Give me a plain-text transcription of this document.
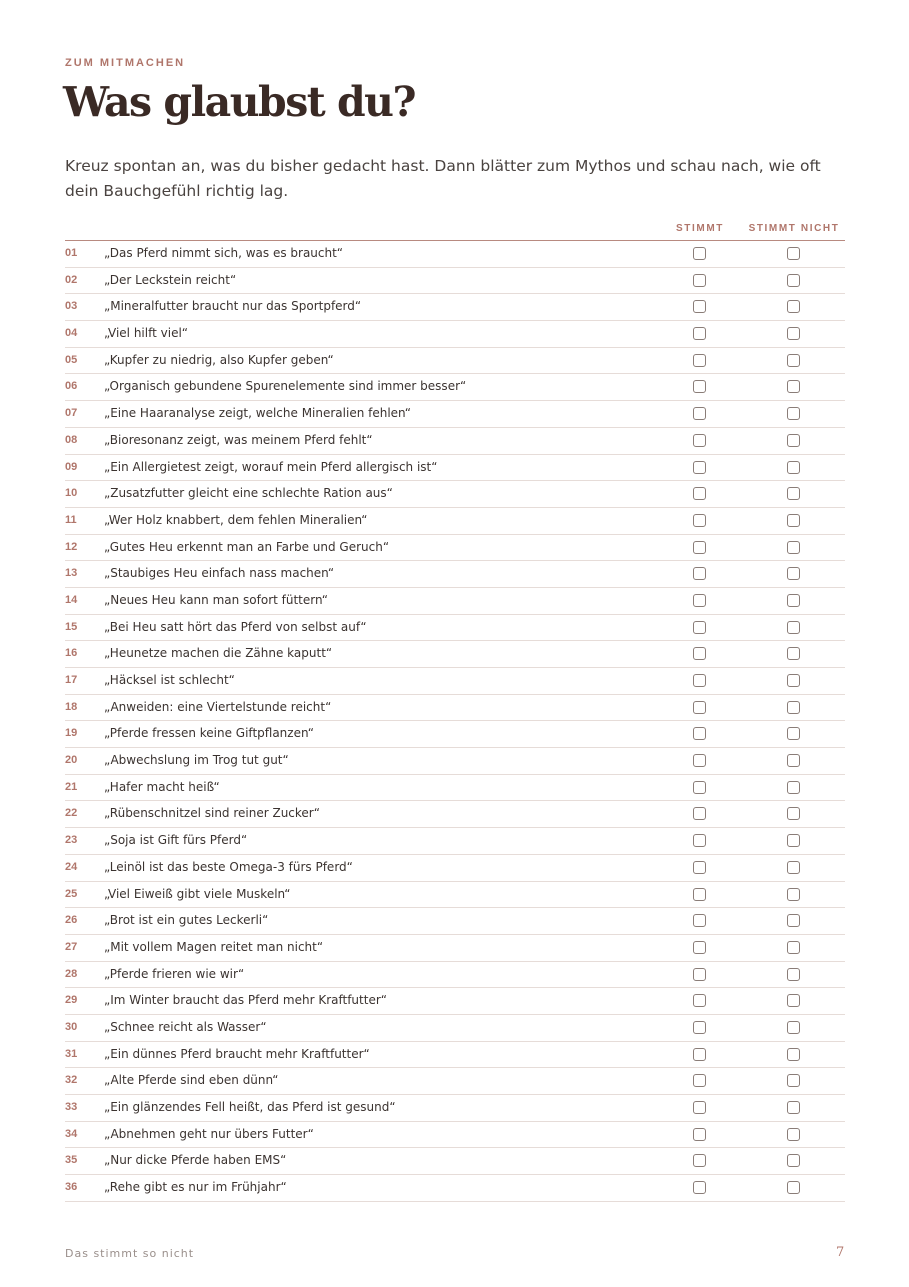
ZUM MITMACHEN
Was glaubst du?

Kreuz spontan an, was du bisher gedacht hast. Dann blätter zum Mythos und schau nach, wie oft dein Bauchgefühl richtig lag.

STIMMT	STIMMT NICHT
01 „Das Pferd nimmt sich, was es braucht“
02 „Der Leckstein reicht“
03 „Mineralfutter braucht nur das Sportpferd“
04 „Viel hilft viel“
05 „Kupfer zu niedrig, also Kupfer geben“
06 „Organisch gebundene Spurenelemente sind immer besser“
07 „Eine Haaranalyse zeigt, welche Mineralien fehlen“
08 „Bioresonanz zeigt, was meinem Pferd fehlt“
09 „Ein Allergietest zeigt, worauf mein Pferd allergisch ist“
10 „Zusatzfutter gleicht eine schlechte Ration aus“
11 „Wer Holz knabbert, dem fehlen Mineralien“
12 „Gutes Heu erkennt man an Farbe und Geruch“
13 „Staubiges Heu einfach nass machen“
14 „Neues Heu kann man sofort füttern“
15 „Bei Heu satt hört das Pferd von selbst auf“
16 „Heunetze machen die Zähne kaputt“
17 „Häcksel ist schlecht“
18 „Anweiden: eine Viertelstunde reicht“
19 „Pferde fressen keine Giftpflanzen“
20 „Abwechslung im Trog tut gut“
21 „Hafer macht heiß“
22 „Rübenschnitzel sind reiner Zucker“
23 „Soja ist Gift fürs Pferd“
24 „Leinöl ist das beste Omega-3 fürs Pferd“
25 „Viel Eiweiß gibt viele Muskeln“
26 „Brot ist ein gutes Leckerli“
27 „Mit vollem Magen reitet man nicht“
28 „Pferde frieren wie wir“
29 „Im Winter braucht das Pferd mehr Kraftfutter“
30 „Schnee reicht als Wasser“
31 „Ein dünnes Pferd braucht mehr Kraftfutter“
32 „Alte Pferde sind eben dünn“
33 „Ein glänzendes Fell heißt, das Pferd ist gesund“
34 „Abnehmen geht nur übers Futter“
35 „Nur dicke Pferde haben EMS“
36 „Rehe gibt es nur im Frühjahr“
Das stimmt so nicht	7
